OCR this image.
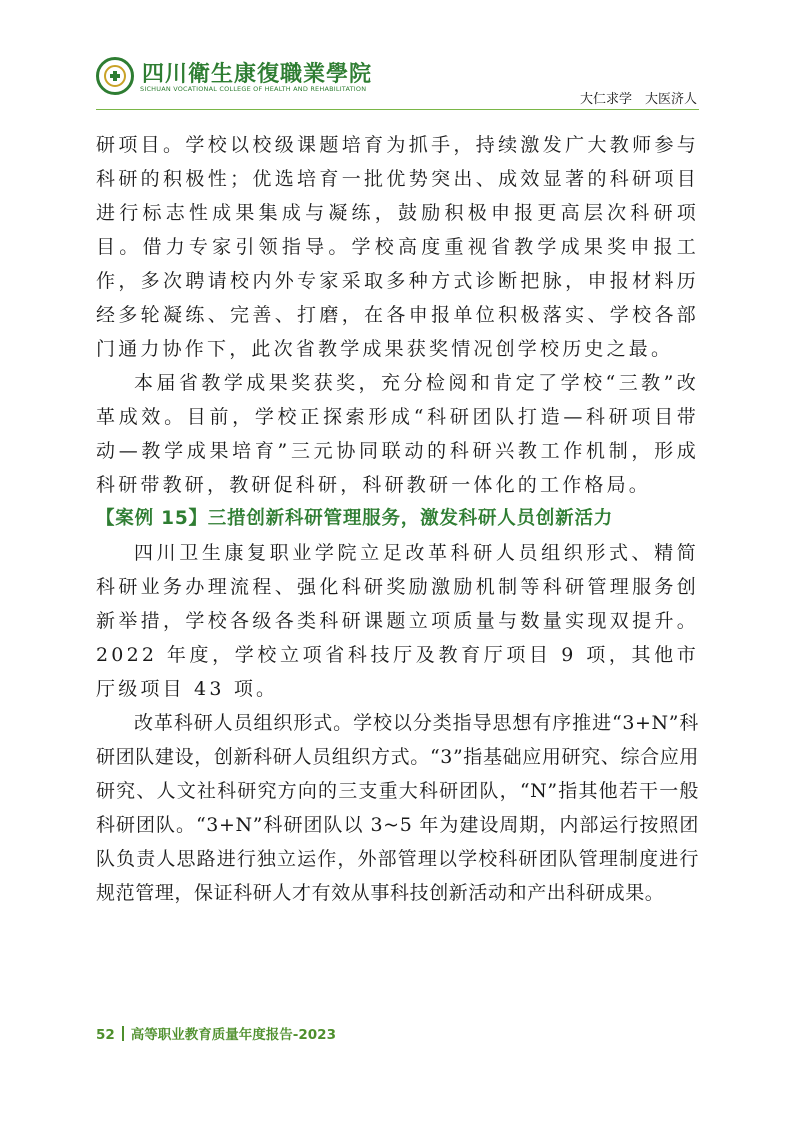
四川衛生康復職業學院
SICHUAN VOCATIONAL COLLEGE OF HEALTH AND REHABILITATION
大仁求学　大医济人

研项目。学校以校级课题培育为抓手，持续激发广大教师参与科研的积极性；优选培育一批优势突出、成效显著的科研项目进行标志性成果集成与凝练，鼓励积极申报更高层次科研项目。借力专家引领指导。学校高度重视省教学成果奖申报工作，多次聘请校内外专家采取多种方式诊断把脉，申报材料历经多轮凝练、完善、打磨，在各申报单位积极落实、学校各部门通力协作下，此次省教学成果获奖情况创学校历史之最。

本届省教学成果奖获奖，充分检阅和肯定了学校“三教”改革成效。目前，学校正探索形成“科研团队打造—科研项目带动—教学成果培育”三元协同联动的科研兴教工作机制，形成科研带教研，教研促科研，科研教研一体化的工作格局。

【案例 15】三措创新科研管理服务，激发科研人员创新活力

四川卫生康复职业学院立足改革科研人员组织形式、精简科研业务办理流程、强化科研奖励激励机制等科研管理服务创新举措，学校各级各类科研课题立项质量与数量实现双提升。2022 年度，学校立项省科技厅及教育厅项目 9 项，其他市厅级项目 43 项。

改革科研人员组织形式。学校以分类指导思想有序推进“3+N”科研团队建设，创新科研人员组织方式。“3”指基础应用研究、综合应用研究、人文社科研究方向的三支重大科研团队，“N”指其他若干一般科研团队。“3+N”科研团队以 3~5 年为建设周期，内部运行按照团队负责人思路进行独立运作，外部管理以学校科研团队管理制度进行规范管理，保证科研人才有效从事科技创新活动和产出科研成果。

52 高等职业教育质量年度报告-2023
